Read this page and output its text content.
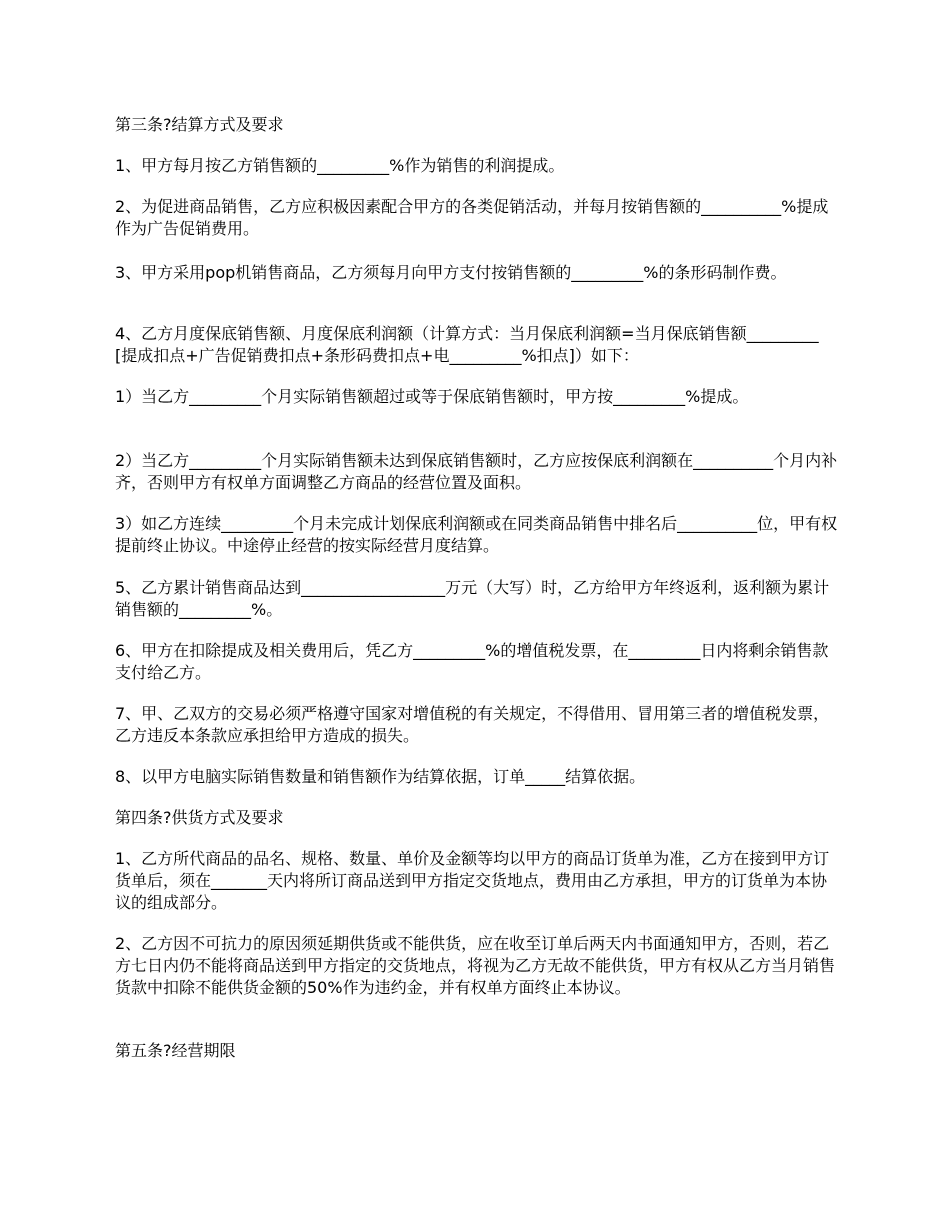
第三条?结算方式及要求

1、甲方每月按乙方销售额的_________%作为销售的利润提成。

2、为促进商品销售，乙方应积极因素配合甲方的各类促销活动，并每月按销售额的__________%提成作为广告促销费用。

3、甲方采用pop机销售商品，乙方须每月向甲方支付按销售额的_________%的条形码制作费。

4、乙方月度保底销售额、月度保底利润额（计算方式：当月保底利润额=当月保底销售额_________[提成扣点+广告促销费扣点+条形码费扣点+电_________%扣点]）如下：

1）当乙方_________个月实际销售额超过或等于保底销售额时，甲方按_________%提成。

2）当乙方_________个月实际销售额未达到保底销售额时，乙方应按保底利润额在__________个月内补齐，否则甲方有权单方面调整乙方商品的经营位置及面积。

3）如乙方连续_________个月未完成计划保底利润额或在同类商品销售中排名后__________位，甲有权提前终止协议。中途停止经营的按实际经营月度结算。

5、乙方累计销售商品达到__________________万元（大写）时，乙方给甲方年终返利，返利额为累计销售额的_________%。

6、甲方在扣除提成及相关费用后，凭乙方_________%的增值税发票，在_________日内将剩余销售款支付给乙方。

7、甲、乙双方的交易必须严格遵守国家对增值税的有关规定，不得借用、冒用第三者的增值税发票，乙方违反本条款应承担给甲方造成的损失。

8、以甲方电脑实际销售数量和销售额作为结算依据，订单_____结算依据。

第四条?供货方式及要求

1、乙方所代商品的品名、规格、数量、单价及金额等均以甲方的商品订货单为准，乙方在接到甲方订货单后，须在_______天内将所订商品送到甲方指定交货地点，费用由乙方承担，甲方的订货单为本协议的组成部分。

2、乙方因不可抗力的原因须延期供货或不能供货，应在收至订单后两天内书面通知甲方，否则，若乙方七日内仍不能将商品送到甲方指定的交货地点，将视为乙方无故不能供货，甲方有权从乙方当月销售货款中扣除不能供货金额的50%作为违约金，并有权单方面终止本协议。

第五条?经营期限
